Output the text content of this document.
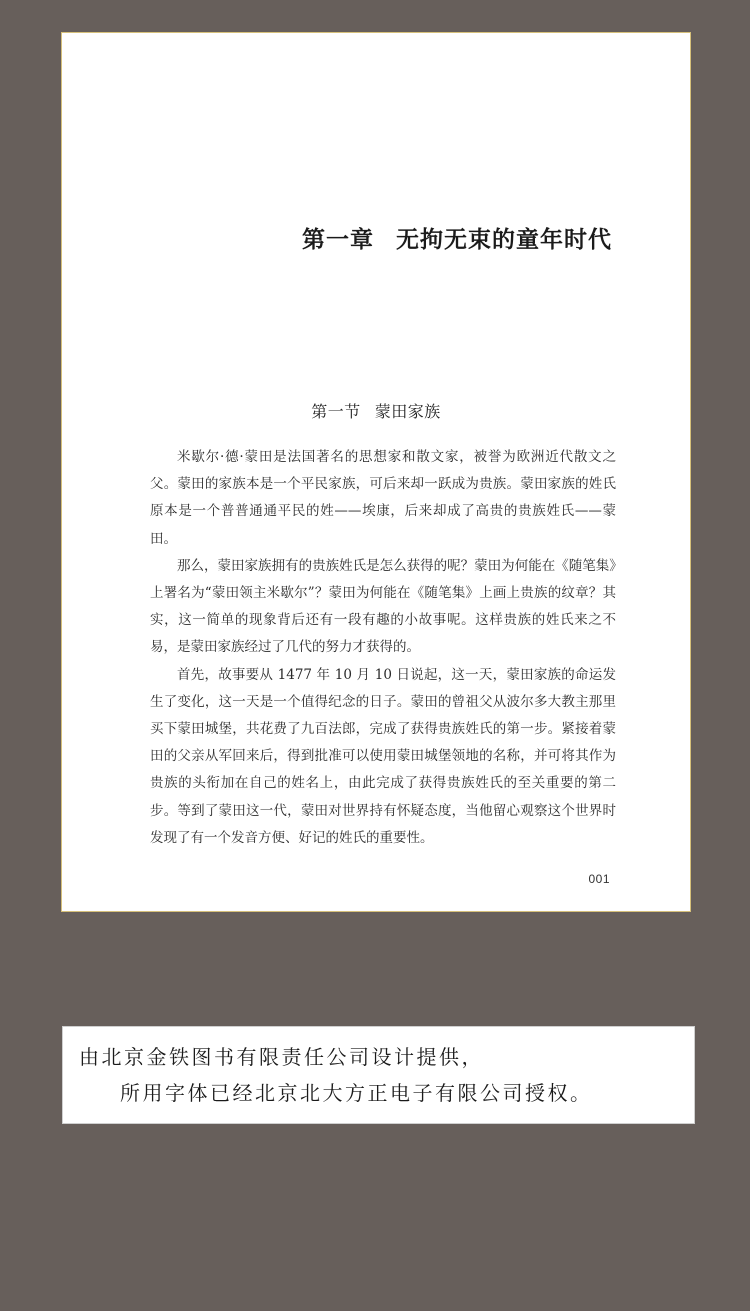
第一章 无拘无束的童年时代
第一节 蒙田家族

米歇尔·德·蒙田是法国著名的思想家和散文家，被誉为欧洲近代散文之父。蒙田的家族本是一个平民家族，可后来却一跃成为贵族。蒙田家族的姓氏原本是一个普普通通平民的姓——埃康，后来却成了高贵的贵族姓氏——蒙田。

那么，蒙田家族拥有的贵族姓氏是怎么获得的呢？蒙田为何能在《随笔集》上署名为“蒙田领主米歇尔”？蒙田为何能在《随笔集》上画上贵族的纹章？其实，这一简单的现象背后还有一段有趣的小故事呢。这样贵族的姓氏来之不易，是蒙田家族经过了几代的努力才获得的。

首先，故事要从 1477 年 10 月 10 日说起，这一天，蒙田家族的命运发生了变化，这一天是一个值得纪念的日子。蒙田的曾祖父从波尔多大教主那里买下蒙田城堡，共花费了九百法郎，完成了获得贵族姓氏的第一步。紧接着蒙田的父亲从军回来后，得到批准可以使用蒙田城堡领地的名称，并可将其作为贵族的头衔加在自己的姓名上，由此完成了获得贵族姓氏的至关重要的第二步。等到了蒙田这一代，蒙田对世界持有怀疑态度，当他留心观察这个世界时发现了有一个发音方便、好记的姓氏的重要性。

001
由北京金铁图书有限责任公司设计提供，
所用字体已经北京北大方正电子有限公司授权。
